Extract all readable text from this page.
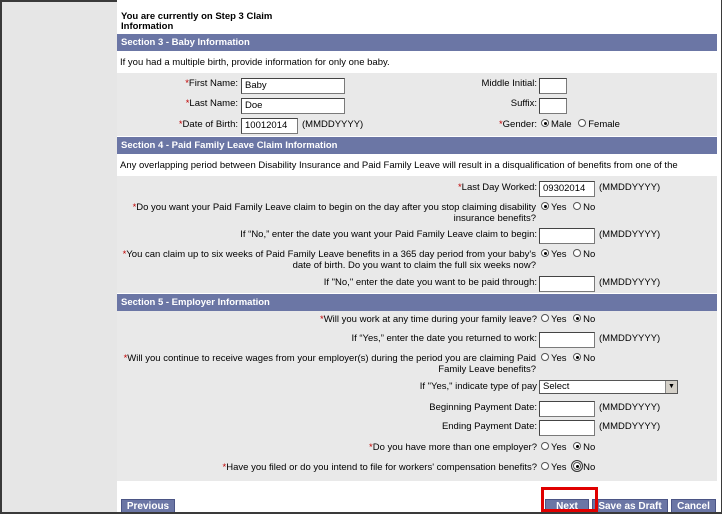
You are currently on Step 3 Claim Information
Section 3 - Baby Information
If you had a multiple birth, provide information for only one baby.
*First Name: Baby	Middle Initial:
*Last Name: Doe	Suffix:
*Date of Birth: 10012014	(MMDDYYYY)	*Gender:	Male Female
Section 4 - Paid Family Leave Claim Information
Any overlapping period between Disability Insurance and Paid Family Leave will result in a disqualification of benefits from one of the
*Last Day Worked: 09302014	(MMDDYYYY)
*Do you want your Paid Family Leave claim to begin on the day after you stop claiming disability
insurance benefits?
Yes No
If “No,” enter the date you want your Paid Family Leave claim to begin:	(MMDDYYYY)
*You can claim up to six weeks of Paid Family Leave benefits in a 365 day period from your baby's
date of birth. Do you want to claim the full six weeks now?
Yes No
If "No," enter the date you want to be paid through:	(MMDDYYYY)
Section 5 - Employer Information
*Will you work at any time during your family leave?	Yes No
If “Yes,” enter the date you returned to work:	(MMDDYYYY)
*Will you continue to receive wages from your employer(s) during the period you are claiming Paid
Family Leave benefits?
Yes No
If "Yes," indicate type of pay Select	▼
Beginning Payment Date:	(MMDDYYYY)
Ending Payment Date:	(MMDDYYYY)
*Do you have more than one employer?	Yes No
*Have you filed or do you intend to file for workers' compensation benefits?	Yes No
Previous	Next	Save as Draft	Cancel
